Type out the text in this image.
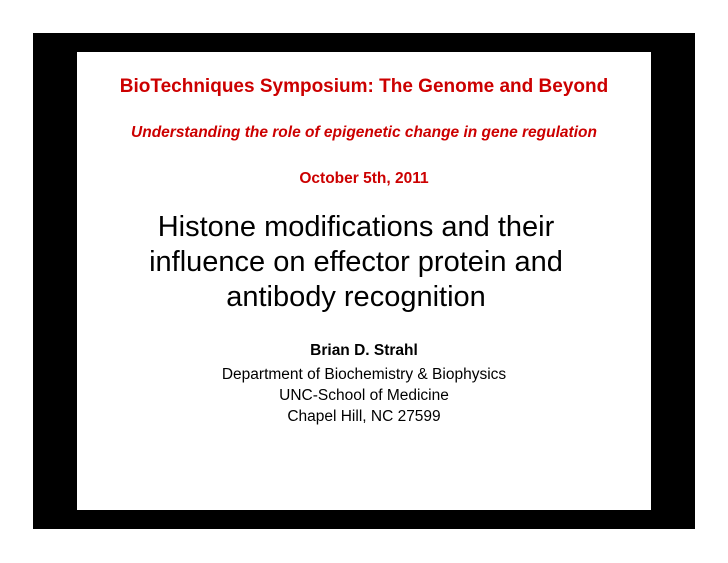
BioTechniques Symposium: The Genome and Beyond
Understanding the role of epigenetic change in gene regulation
October 5th, 2011
Histone modifications and their
influence on effector protein and
antibody recognition
Brian D. Strahl
Department of Biochemistry & Biophysics
UNC-School of Medicine
Chapel Hill, NC 27599
